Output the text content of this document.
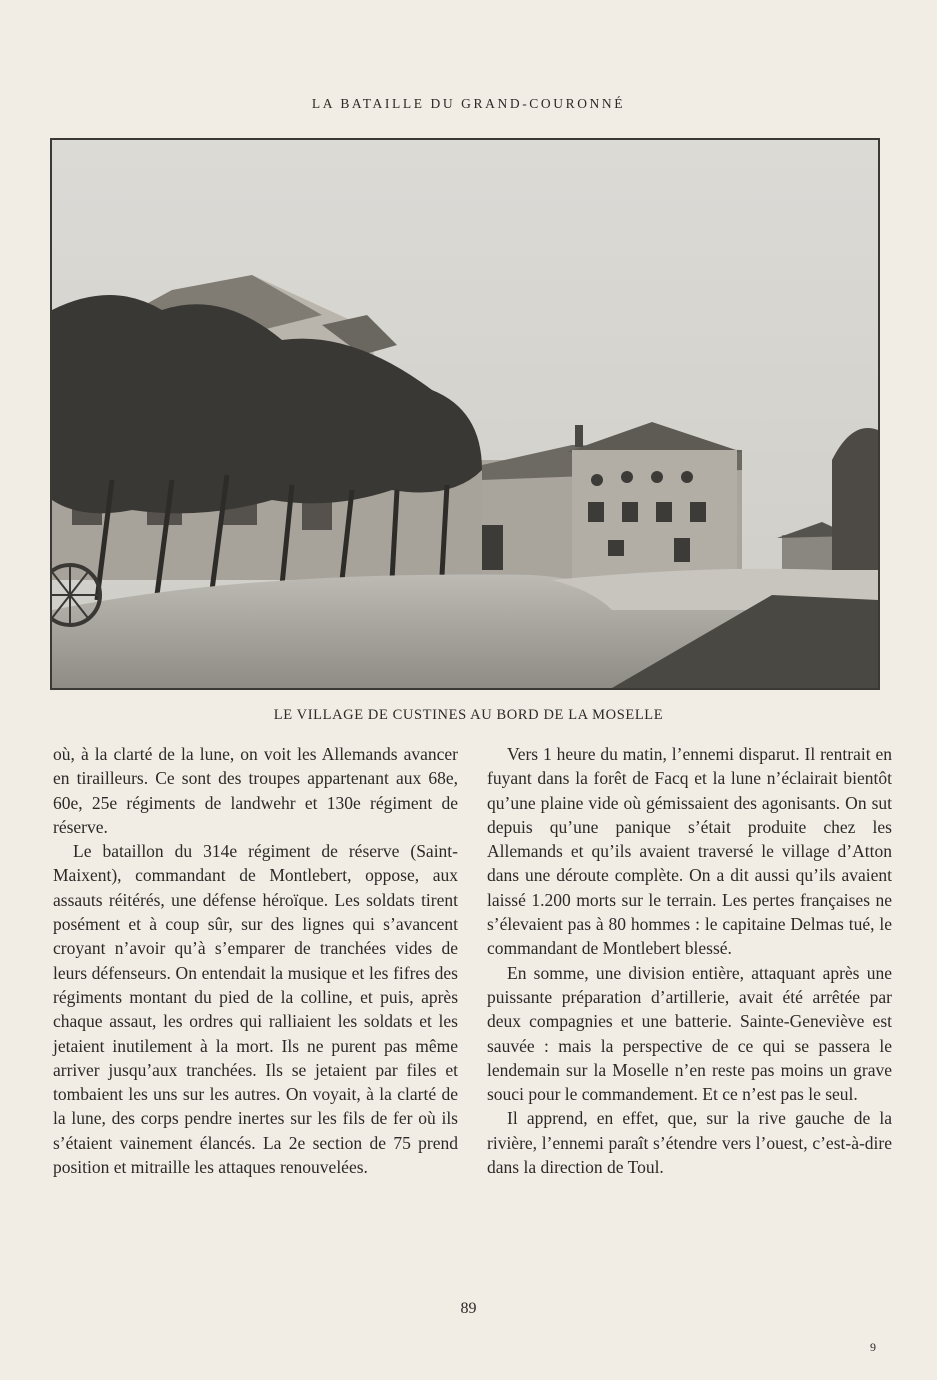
LA BATAILLE DU GRAND-COURONNÉ
LE VILLAGE DE CUSTINES AU BORD DE LA MOSELLE

où, à la clarté de la lune, on voit les Allemands avancer en tirailleurs. Ce sont des troupes appartenant aux 68e, 60e, 25e régiments de landwehr et 130e régiment de réserve.

Le bataillon du 314e régiment de réserve (Saint-Maixent), commandant de Montlebert, oppose, aux assauts réitérés, une défense héroïque. Les soldats tirent posément et à coup sûr, sur des lignes qui s’avancent croyant n’avoir qu’à s’emparer de tranchées vides de leurs défenseurs. On entendait la musique et les fifres des régiments montant du pied de la colline, et puis, après chaque assaut, les ordres qui ralliaient les soldats et les jetaient inutilement à la mort. Ils ne purent pas même arriver jusqu’aux tranchées. Ils se jetaient par files et tombaient les uns sur les autres. On voyait, à la clarté de la lune, des corps pendre inertes sur les fils de fer où ils s’étaient vainement élancés. La 2e section de 75 prend position et mitraille les attaques renouvelées.

Vers 1 heure du matin, l’ennemi disparut. Il rentrait en fuyant dans la forêt de Facq et la lune n’éclairait bientôt qu’une plaine vide où gémissaient des agonisants. On sut depuis qu’une panique s’était produite chez les Allemands et qu’ils avaient traversé le village d’Atton dans une déroute complète. On a dit aussi qu’ils avaient laissé 1.200 morts sur le terrain. Les pertes françaises ne s’élevaient pas à 80 hommes : le capitaine Delmas tué, le commandant de Montlebert blessé.

En somme, une division entière, attaquant après une puissante préparation d’artillerie, avait été arrêtée par deux compagnies et une batterie. Sainte-Geneviève est sauvée : mais la perspective de ce qui se passera le lendemain sur la Moselle n’en reste pas moins un grave souci pour le commandement. Et ce n’est pas le seul.

Il apprend, en effet, que, sur la rive gauche de la rivière, l’ennemi paraît s’étendre vers l’ouest, c’est-à-dire dans la direction de Toul.

89
9
